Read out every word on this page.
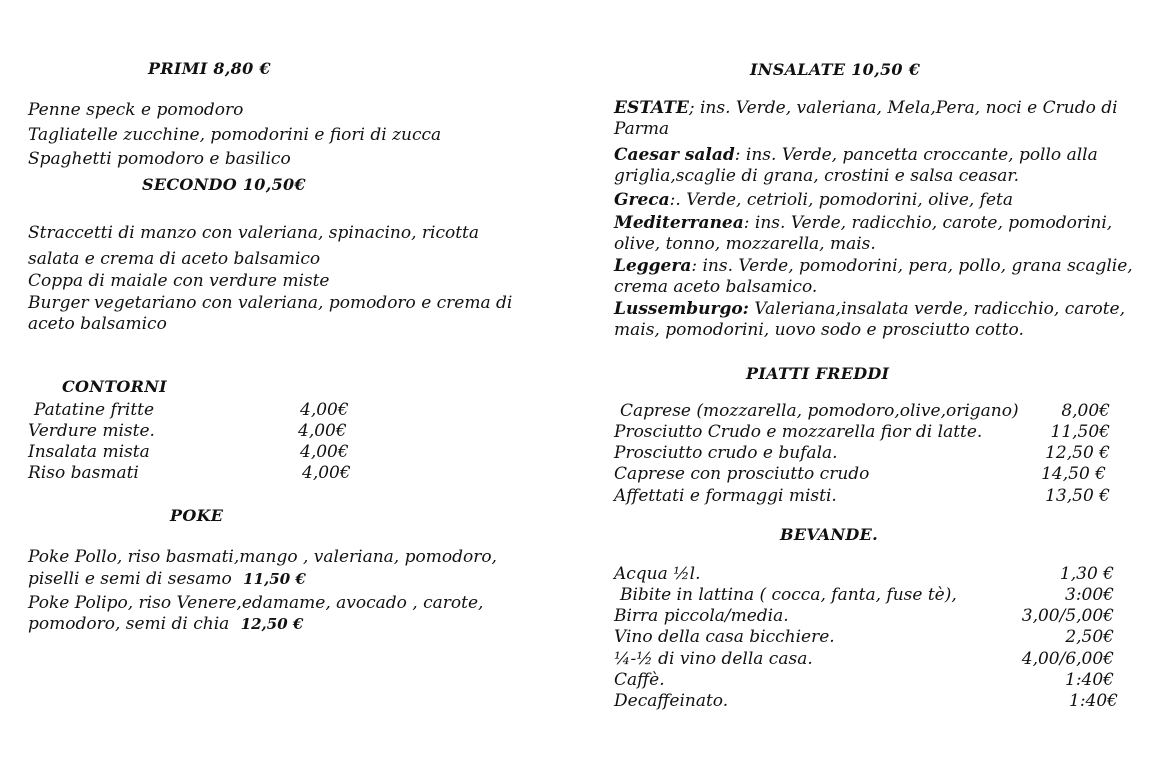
PRIMI 8,80 €
Penne speck e pomodoro
Tagliatelle zucchine, pomodorini e fiori di zucca
Spaghetti pomodoro e basilico
SECONDO 10,50€
Straccetti di manzo con valeriana, spinacino, ricotta
salata e crema di aceto balsamico
Coppa di maiale con verdure miste
Burger vegetariano con valeriana, pomodoro e crema di
aceto balsamico
CONTORNI
Patatine fritte	4,00€
Verdure miste.	4,00€
Insalata mista	4,00€
Riso basmati	4,00€
POKE
Poke Pollo, riso basmati,mango , valeriana, pomodoro,
piselli e semi di sesamo 11,50 €
Poke Polipo, riso Venere,edamame, avocado , carote,
pomodoro, semi di chia 12,50 €
INSALATE 10,50 €
ESTATE; ins. Verde, valeriana, Mela,Pera, noci e Crudo di Parma
Caesar salad: ins. Verde, pancetta croccante, pollo alla griglia,scaglie di grana, crostini e salsa ceasar.
Greca:. Verde, cetrioli, pomodorini, olive, feta
Mediterranea: ins. Verde, radicchio, carote, pomodorini, olive, tonno, mozzarella, mais.
Leggera: ins. Verde, pomodorini, pera, pollo, grana scaglie, crema aceto balsamico.
Lussemburgo: Valeriana,insalata verde, radicchio, carote, mais, pomodorini, uovo sodo e prosciutto cotto.
PIATTI FREDDI
Caprese (mozzarella, pomodoro,olive,origano)	8,00€
Prosciutto Crudo e mozzarella fior di latte.	11,50€
Prosciutto crudo e bufala.	12,50 €
Caprese con prosciutto crudo	14,50 €
Affettati e formaggi misti.	13,50 €
BEVANDE.
Acqua ½l.	1,30 €
Bibite in lattina ( cocca, fanta, fuse tè),	3:00€
Birra piccola/media.	3,00/5,00€
Vino della casa bicchiere.	2,50€
¼-½ di vino della casa.	4,00/6,00€
Caffè.	1:40€
Decaffeinato.	1:40€
